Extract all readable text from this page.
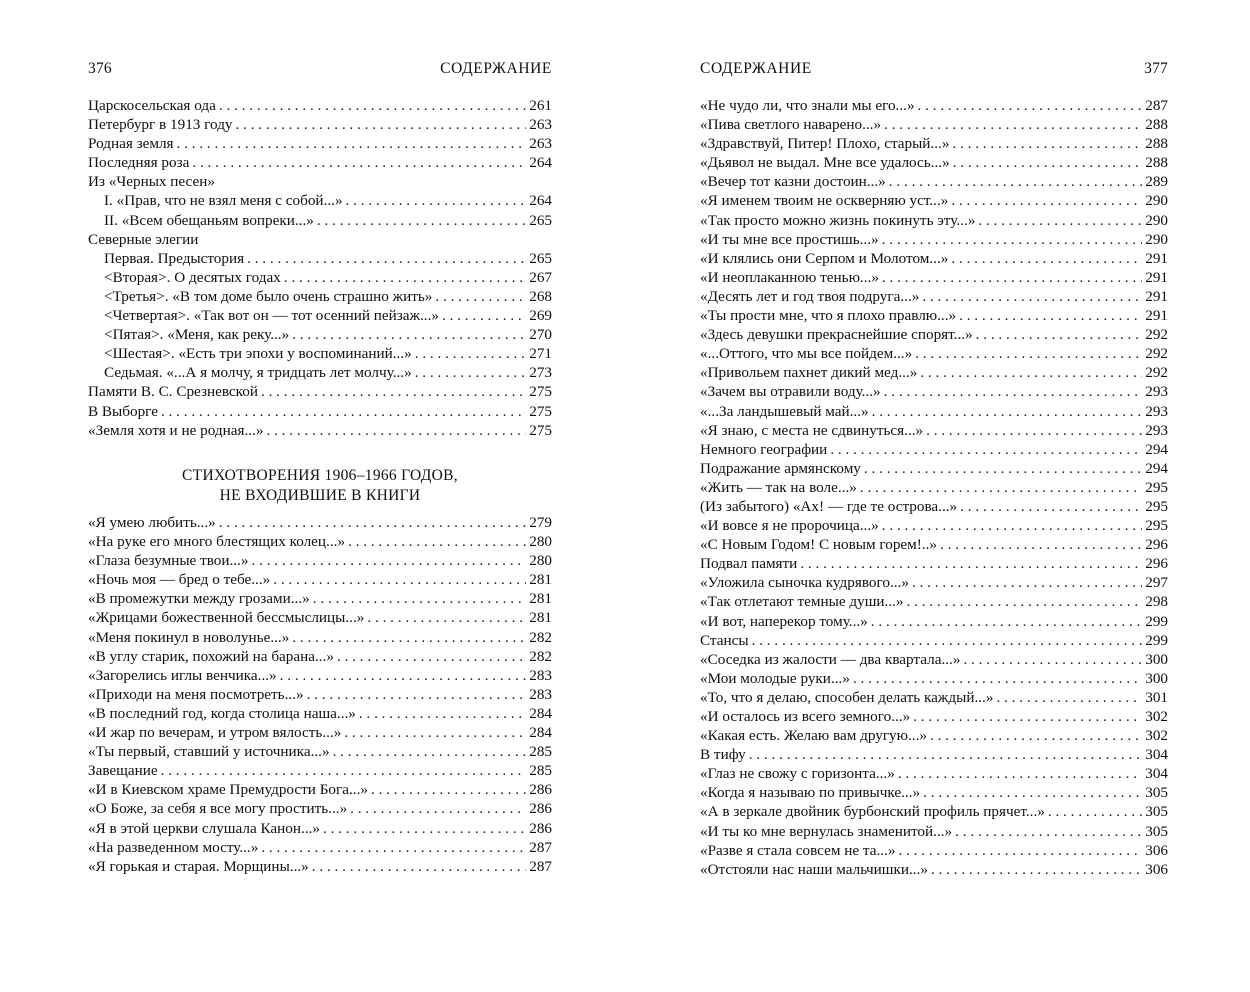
376	СОДЕРЖАНИЕ
Царскосельская ода . . .	261
Петербург в 1913 году . . .	263
Родная земля . . .	263
Последняя роза . . .	264
Из «Черных песен»
I. «Прав, что не взял меня с собой...» . . .	264
II. «Всем обещаньям вопреки...» . . .	265
Северные элегии
Первая. Предыстория . . .	265
<Вторая>. О десятых годах . . .	267
<Третья>. «В том доме было очень страшно жить» . . .	268
<Четвертая>. «Так вот он — тот осенний пейзаж...» . . .	269
<Пятая>. «Меня, как реку...» . . .	270
<Шестая>. «Есть три эпохи у воспоминаний...» . . .	271
Седьмая. «...А я молчу, я тридцать лет молчу...» . . .	273
Памяти В. С. Срезневской . . .	275
В Выборге . . .	275
«Земля хотя и не родная...» . . .	275
СТИХОТВОРЕНИЯ 1906–1966 ГОДОВ,
НЕ ВХОДИВШИЕ В КНИГИ
«Я умею любить...» . . .	279
«На руке его много блестящих колец...» . . .	280
«Глаза безумные твои...» . . .	280
«Ночь моя — бред о тебе...» . . .	281
«В промежутки между грозами...» . . .	281
«Жрицами божественной бессмыслицы...» . . .	281
«Меня покинул в новолунье...» . . .	282
«В углу старик, похожий на барана...» . . .	282
«Загорелись иглы венчика...» . . .	283
«Приходи на меня посмотреть...» . . .	283
«В последний год, когда столица наша...» . . .	284
«И жар по вечерам, и утром вялость...» . . .	284
«Ты первый, ставший у источника...» . . .	285
Завещание . . .	285
«И в Киевском храме Премудрости Бога...» . . .	286
«О Боже, за себя я все могу простить...» . . .	286
«Я в этой церкви слушала Канон...» . . .	286
«На разведенном мосту...» . . .	287
«Я горькая и старая. Морщины...» . . .	287
СОДЕРЖАНИЕ	377
«Не чудо ли, что знали мы его...» . . .	287
«Пива светлого наварено...» . . .	288
«Здравствуй, Питер! Плохо, старый...» . . .	288
«Дьявол не выдал. Мне все удалось...» . . .	288
«Вечер тот казни достоин...» . . .	289
«Я именем твоим не оскверняю уст...» . . .	290
«Так просто можно жизнь покинуть эту...» . . .	290
«И ты мне все простишь...» . . .	290
«И клялись они Серпом и Молотом...» . . .	291
«И неоплаканною тенью...» . . .	291
«Десять лет и год твоя подруга...» . . .	291
«Ты прости мне, что я плохо правлю...» . . .	291
«Здесь девушки прекраснейшие спорят...» . . .	292
«...Оттого, что мы все пойдем...» . . .	292
«Привольем пахнет дикий мед...» . . .	292
«Зачем вы отравили воду...» . . .	293
«...За ландышевый май...» . . .	293
«Я знаю, с места не сдвинуться...» . . .	293
Немного географии . . .	294
Подражание армянскому . . .	294
«Жить — так на воле...» . . .	295
(Из забытого) «Ах! — где те острова...» . . .	295
«И вовсе я не пророчица...» . . .	295
«С Новым Годом! С новым горем!..» . . .	296
Подвал памяти . . .	296
«Уложила сыночка кудрявого...» . . .	297
«Так отлетают темные души...» . . .	298
«И вот, наперекор тому...» . . .	299
Станcы . . .	299
«Соседка из жалости — два квартала...» . . .	300
«Мои молодые руки...» . . .	300
«То, что я делаю, способен делать каждый...» . . .	301
«И осталось из всего земного...» . . .	302
«Какая есть. Желаю вам другую...» . . .	302
В тифу . . .	304
«Глаз не свожу с горизонта...» . . .	304
«Когда я называю по привычке...» . . .	305
«А в зеркале двойник бурбонский профиль прячет...» . . .	305
«И ты ко мне вернулась знаменитой...» . . .	305
«Разве я стала совсем не та...» . . .	306
«Отстояли нас наши мальчишки...» . . .	306
